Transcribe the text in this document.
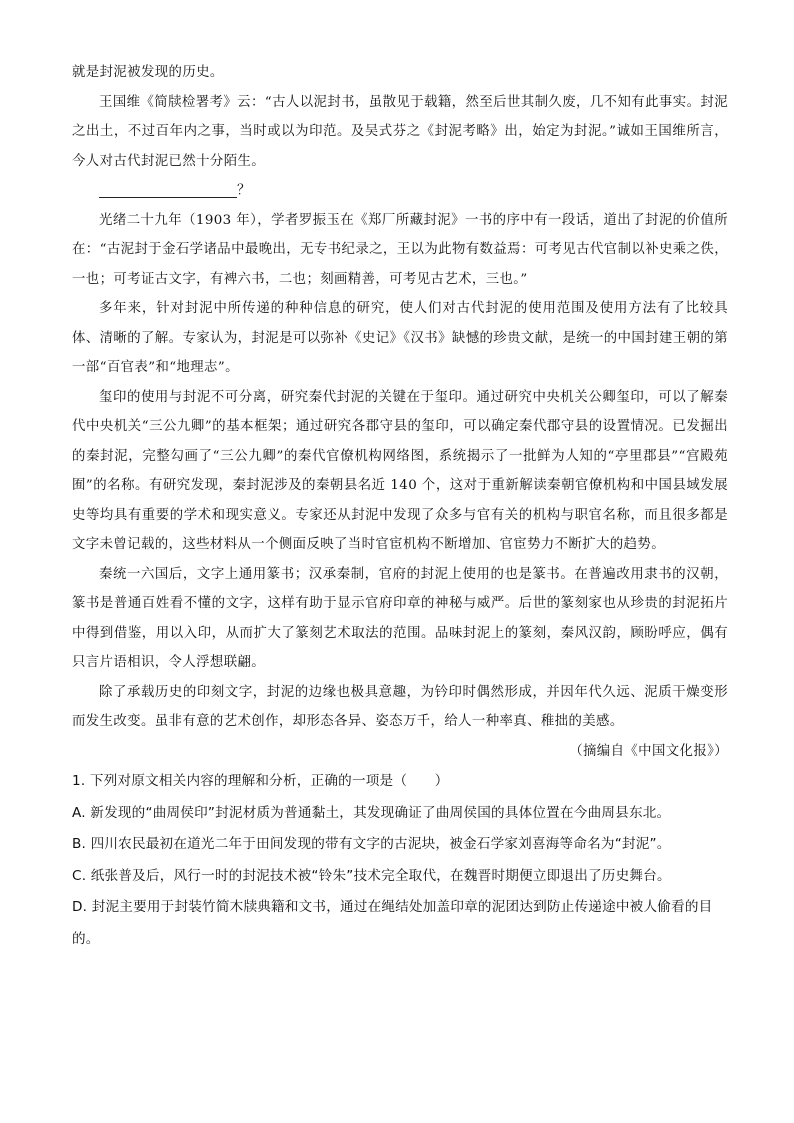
就是封泥被发现的历史。

王国维《简牍检署考》云：“古人以泥封书，虽散见于载籍，然至后世其制久废，几不知有此事实。封泥之出土，不过百年内之事，当时或以为印范。及吴式芬之《封泥考略》出，始定为封泥。”诚如王国维所言，今人对古代封泥已然十分陌生。

？

光绪二十九年（1903 年），学者罗振玉在《郑厂所藏封泥》一书的序中有一段话，道出了封泥的价值所在：“古泥封于金石学诸品中最晚出，无专书纪录之，王以为此物有数益焉：可考见古代官制以补史乘之佚，一也；可考证古文字，有裨六书，二也；刻画精善，可考见古艺术，三也。”

多年来，针对封泥中所传递的种种信息的研究，使人们对古代封泥的使用范围及使用方法有了比较具体、清晰的了解。专家认为，封泥是可以弥补《史记》《汉书》缺憾的珍贵文献，是统一的中国封建王朝的第一部“百官表”和“地理志”。

玺印的使用与封泥不可分离，研究秦代封泥的关键在于玺印。通过研究中央机关公卿玺印，可以了解秦代中央机关“三公九卿”的基本框架；通过研究各郡守县的玺印，可以确定秦代郡守县的设置情况。已发掘出的秦封泥，完整勾画了“三公九卿”的秦代官僚机构网络图，系统揭示了一批鲜为人知的“亭里郡县”“宫殿苑囿”的名称。有研究发现，秦封泥涉及的秦朝县名近 140 个，这对于重新解读秦朝官僚机构和中国县域发展史等均具有重要的学术和现实意义。专家还从封泥中发现了众多与官有关的机构与职官名称，而且很多都是文字未曾记载的，这些材料从一个侧面反映了当时官宦机构不断增加、官宦势力不断扩大的趋势。

秦统一六国后，文字上通用篆书；汉承秦制，官府的封泥上使用的也是篆书。在普遍改用隶书的汉朝，篆书是普通百姓看不懂的文字，这样有助于显示官府印章的神秘与威严。后世的篆刻家也从珍贵的封泥拓片中得到借鉴，用以入印，从而扩大了篆刻艺术取法的范围。品味封泥上的篆刻，秦风汉韵，顾盼呼应，偶有只言片语相识，令人浮想联翩。

除了承载历史的印刻文字，封泥的边缘也极具意趣，为钤印时偶然形成，并因年代久远、泥质干燥变形而发生改变。虽非有意的艺术创作，却形态各异、姿态万千，给人一种率真、稚拙的美感。

（摘编自《中国文化报》）

1. 下列对原文相关内容的理解和分析，正确的一项是（　　）

A. 新发现的“曲周侯印”封泥材质为普通黏土，其发现确证了曲周侯国的具体位置在今曲周县东北。

B. 四川农民最初在道光二年于田间发现的带有文字的古泥块，被金石学家刘喜海等命名为“封泥”。

C. 纸张普及后，风行一时的封泥技术被“铃朱”技术完全取代，在魏晋时期便立即退出了历史舞台。

D. 封泥主要用于封装竹简木牍典籍和文书，通过在绳结处加盖印章的泥团达到防止传递途中被人偷看的目的。
